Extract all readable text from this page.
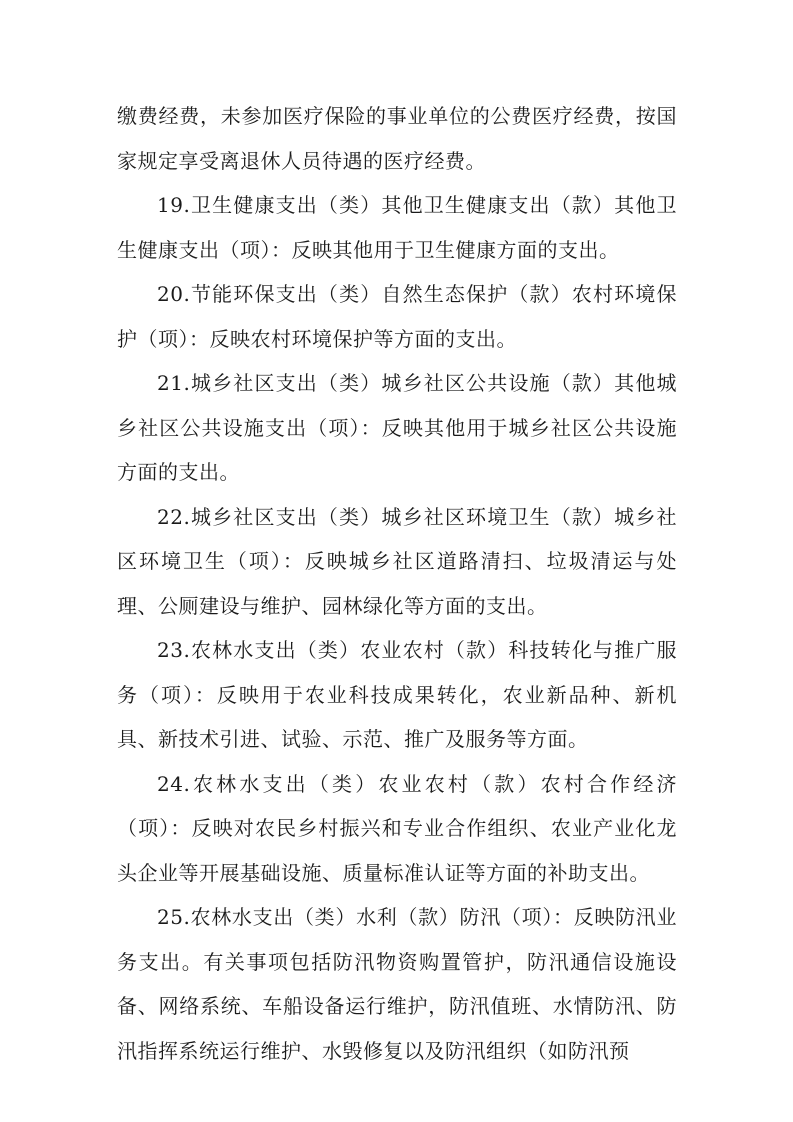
缴费经费，未参加医疗保险的事业单位的公费医疗经费，按国家规定享受离退休人员待遇的医疗经费。

19.卫生健康支出（类）其他卫生健康支出（款）其他卫生健康支出（项）：反映其他用于卫生健康方面的支出。

20.节能环保支出（类）自然生态保护（款）农村环境保护（项）：反映农村环境保护等方面的支出。

21.城乡社区支出（类）城乡社区公共设施（款）其他城乡社区公共设施支出（项）：反映其他用于城乡社区公共设施方面的支出。

22.城乡社区支出（类）城乡社区环境卫生（款）城乡社区环境卫生（项）：反映城乡社区道路清扫、垃圾清运与处理、公厕建设与维护、园林绿化等方面的支出。

23.农林水支出（类）农业农村（款）科技转化与推广服务（项）：反映用于农业科技成果转化，农业新品种、新机具、新技术引进、试验、示范、推广及服务等方面。

24.农林水支出（类）农业农村（款）农村合作经济（项）：反映对农民乡村振兴和专业合作组织、农业产业化龙头企业等开展基础设施、质量标准认证等方面的补助支出。

25.农林水支出（类）水利（款）防汛（项）：反映防汛业务支出。有关事项包括防汛物资购置管护，防汛通信设施设备、网络系统、车船设备运行维护，防汛值班、水情防汛、防汛指挥系统运行维护、水毁修复以及防汛组织（如防汛预
